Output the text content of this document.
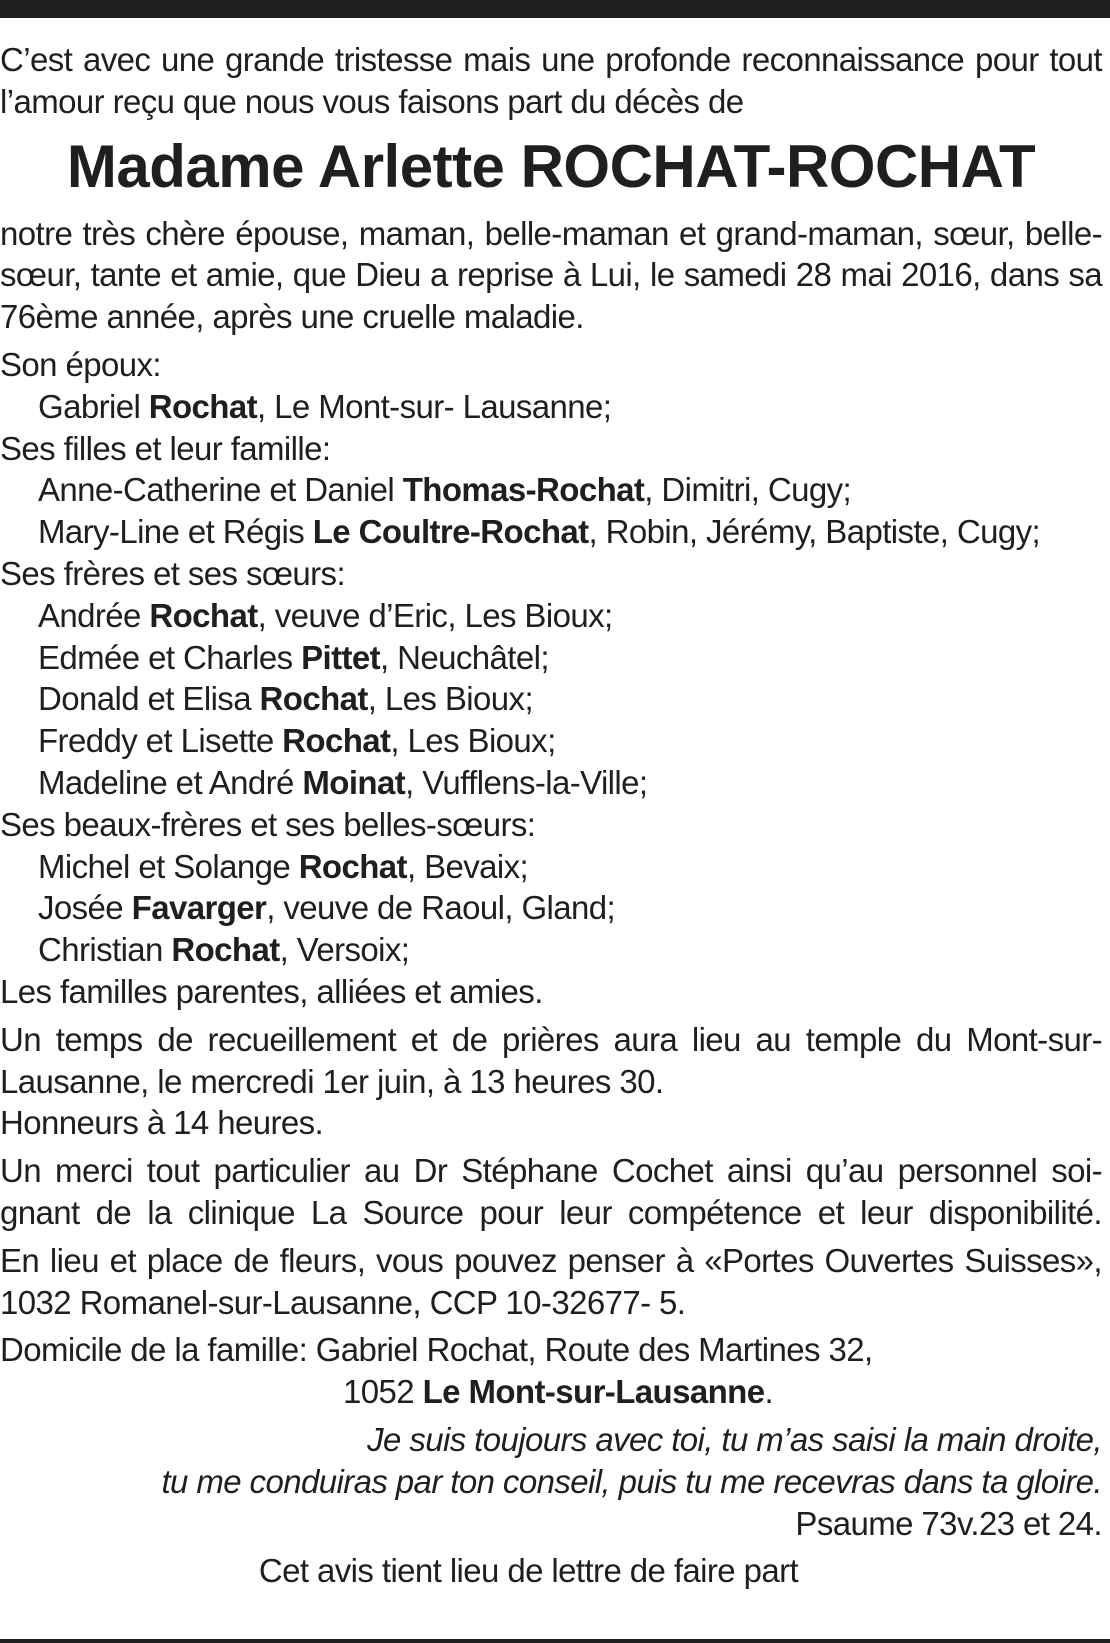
C’est avec une grande tristesse mais une profonde reconnaissance pour tout l’amour reçu que nous vous faisons part du décès de

Madame Arlette ROCHAT-ROCHAT

notre très chère épouse, maman, belle-maman et grand-maman, sœur, belle-sœur, tante et amie, que Dieu a reprise à Lui, le samedi 28 mai 2016, dans sa 76ème année, après une cruelle maladie.

Son époux:
Gabriel Rochat, Le Mont-sur- Lausanne;
Ses filles et leur famille:
Anne-Catherine et Daniel Thomas-Rochat, Dimitri, Cugy;
Mary-Line et Régis Le Coultre-Rochat, Robin, Jérémy, Baptiste, Cugy;
Ses frères et ses sœurs:
Andrée Rochat, veuve d’Eric, Les Bioux;
Edmée et Charles Pittet, Neuchâtel;
Donald et Elisa Rochat, Les Bioux;
Freddy et Lisette Rochat, Les Bioux;
Madeline et André Moinat, Vufflens-la-Ville;
Ses beaux-frères et ses belles-sœurs:
Michel et Solange Rochat, Bevaix;
Josée Favarger, veuve de Raoul, Gland;
Christian Rochat, Versoix;
Les familles parentes, alliées et amies.

Un temps de recueillement et de prières aura lieu au temple du Mont-sur-Lausanne, le mercredi 1er juin, à 13 heures 30.

Honneurs à 14 heures.

Un merci tout particulier au Dr Stéphane Cochet ainsi qu’au personnel soi-

gnant de la clinique La Source pour leur compétence et leur disponibilité.

En lieu et place de fleurs, vous pouvez penser à «Portes Ouvertes Suisses», 1032 Romanel-sur-Lausanne, CCP 10-32677- 5.

Domicile de la famille: Gabriel Rochat, Route des Martines 32,
1052 Le Mont-sur-Lausanne.
Je suis toujours avec toi, tu m’as saisi la main droite,
tu me conduiras par ton conseil, puis tu me recevras dans ta gloire.
Psaume 73v.23 et 24.

Cet avis tient lieu de lettre de faire part
